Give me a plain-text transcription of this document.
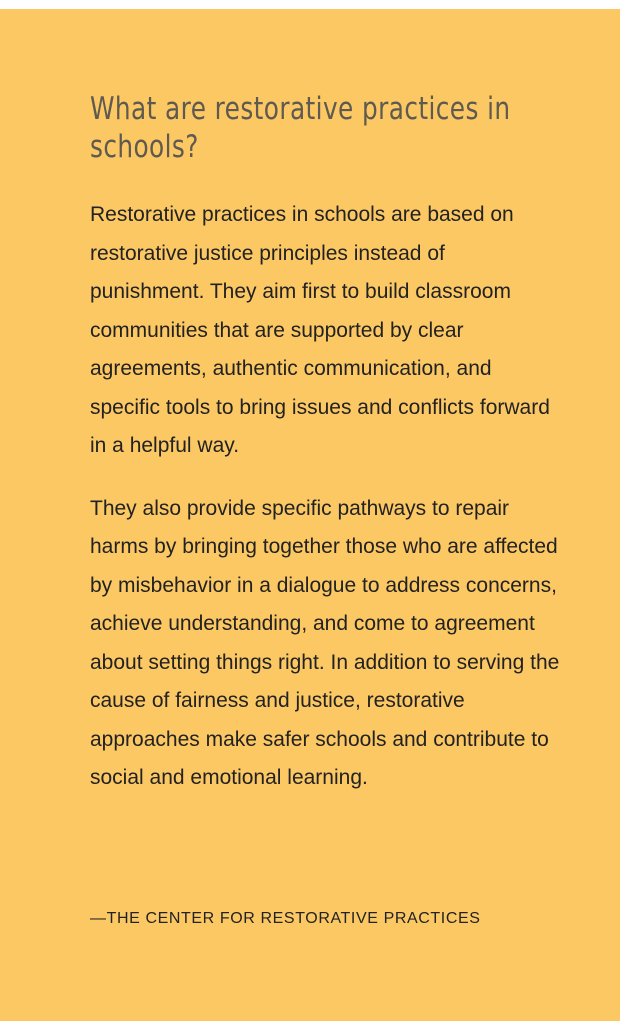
What are restorative practices in schools?

Restorative practices in schools are based on restorative justice principles instead of punishment. They aim first to build classroom communities that are supported by clear agreements, authentic communication, and specific tools to bring issues and conflicts forward in a helpful way.

They also provide specific pathways to repair harms by bringing together those who are affected by misbehavior in a dialogue to address concerns, achieve understanding, and come to agreement about setting things right. In addition to serving the cause of fairness and justice, restorative approaches make safer schools and contribute to social and emotional learning.

—THE CENTER FOR RESTORATIVE PRACTICES
